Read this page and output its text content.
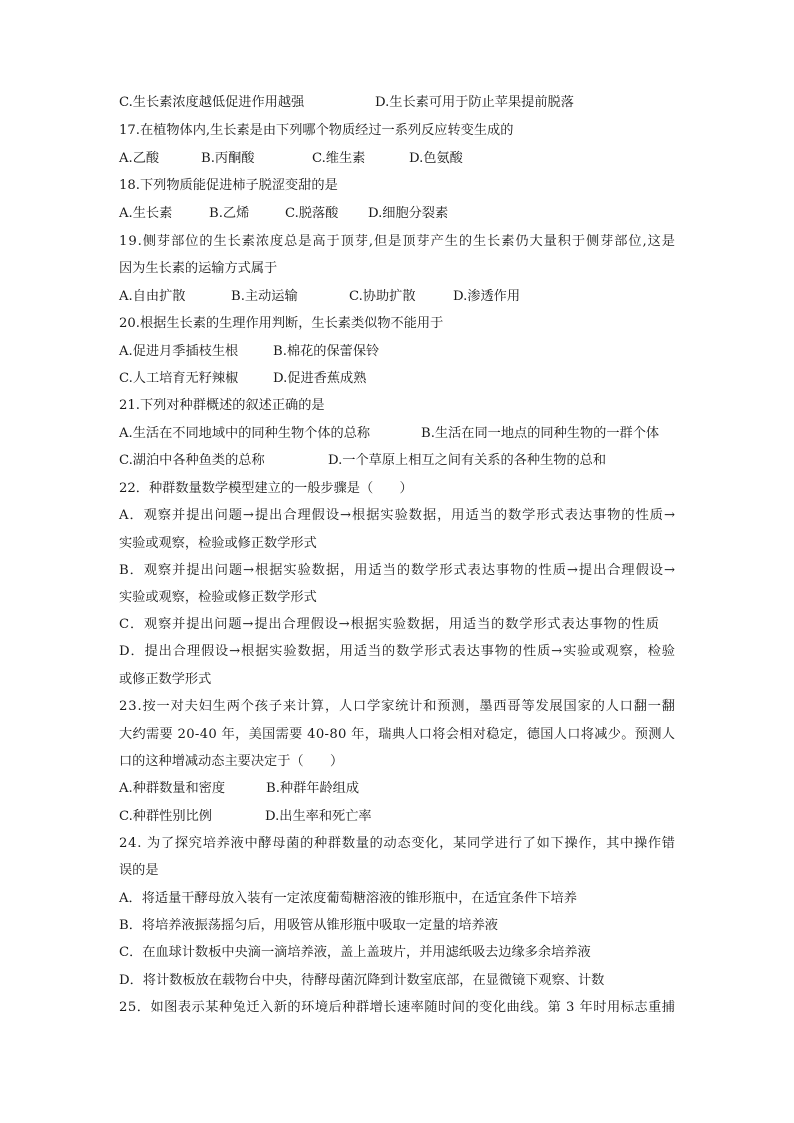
C.生长素浓度越低促进作用越强	D.生长素可用于防止苹果提前脱落
17.在植物体内,生长素是由下列哪个物质经过一系列反应转变生成的
A.乙酸	B.丙酮酸	C.维生素	D.色氨酸
18.下列物质能促进柿子脱涩变甜的是
A.生长素	B.乙烯	C.脱落酸 D.细胞分裂素
19.侧芽部位的生长素浓度总是高于顶芽,但是顶芽产生的生长素仍大量积于侧芽部位,这是
因为生长素的运输方式属于
A.自由扩散	B.主动运输	C.协助扩散	D.渗透作用
20.根据生长素的生理作用判断，生长素类似物不能用于
A.促进月季插枝生根	B.棉花的保蕾保铃
C.人工培育无籽辣椒	D.促进香蕉成熟
21.下列对种群概述的叙述正确的是
A.生活在不同地域中的同种生物个体的总称	B.生活在同一地点的同种生物的一群个体
C.湖泊中各种鱼类的总称	D.一个草原上相互之间有关系的各种生物的总和
22．种群数量数学模型建立的一般步骤是（　　）
A．观察并提出问题→提出合理假设→根据实验数据，用适当的数学形式表达事物的性质→
实验或观察，检验或修正数学形式
B．观察并提出问题→根据实验数据，用适当的数学形式表达事物的性质→提出合理假设→
实验或观察，检验或修正数学形式
C．观察并提出问题→提出合理假设→根据实验数据，用适当的数学形式表达事物的性质
D．提出合理假设→根据实验数据，用适当的数学形式表达事物的性质→实验或观察，检验
或修正数学形式
23.按一对夫妇生两个孩子来计算，人口学家统计和预测，墨西哥等发展国家的人口翻一翻
大约需要 20-40 年，美国需要 40-80 年，瑞典人口将会相对稳定，德国人口将减少。预测人
口的这种增减动态主要决定于（　　）
A.种群数量和密度	B.种群年龄组成
C.种群性别比例	D.出生率和死亡率
24. 为了探究培养液中酵母菌的种群数量的动态变化，某同学进行了如下操作，其中操作错
误的是
A．将适量干酵母放入装有一定浓度葡萄糖溶液的锥形瓶中，在适宜条件下培养
B．将培养液振荡摇匀后，用吸管从锥形瓶中吸取一定量的培养液
C．在血球计数板中央滴一滴培养液，盖上盖玻片，并用滤纸吸去边缘多余培养液
D．将计数板放在载物台中央，待酵母菌沉降到计数室底部，在显微镜下观察、计数
25．如图表示某种兔迁入新的环境后种群增长速率随时间的变化曲线。第 3 年时用标志重捕
